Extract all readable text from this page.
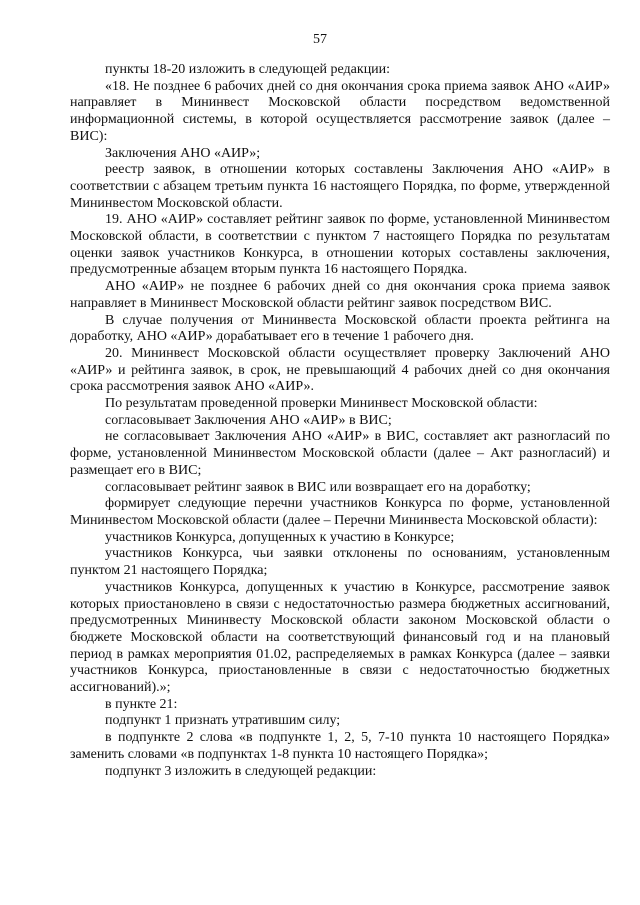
57

пункты 18-20 изложить в следующей редакции:

«18. Не позднее 6 рабочих дней со дня окончания срока приема заявок АНО «АИР» направляет в Мининвест Московской области посредством ведомственной информационной системы, в которой осуществляется рассмотрение заявок (далее – ВИС):

Заключения АНО «АИР»;

реестр заявок, в отношении которых составлены Заключения АНО «АИР» в соответствии с абзацем третьим пункта 16 настоящего Порядка, по форме, утвержденной Мининвестом Московской области.

19. АНО «АИР» составляет рейтинг заявок по форме, установленной Мининвестом Московской области, в соответствии с пунктом 7 настоящего Порядка по результатам оценки заявок участников Конкурса, в отношении которых составлены заключения, предусмотренные абзацем вторым пункта 16 настоящего Порядка.

АНО «АИР» не позднее 6 рабочих дней со дня окончания срока приема заявок направляет в Мининвест Московской области рейтинг заявок посредством ВИС.

В случае получения от Мининвеста Московской области проекта рейтинга на доработку, АНО «АИР» дорабатывает его в течение 1 рабочего дня.

20. Мининвест Московской области осуществляет проверку Заключений АНО «АИР» и рейтинга заявок, в срок, не превышающий 4 рабочих дней со дня окончания срока рассмотрения заявок АНО «АИР».

По результатам проведенной проверки Мининвест Московской области:

согласовывает Заключения АНО «АИР» в ВИС;

не согласовывает Заключения АНО «АИР» в ВИС, составляет акт разногласий по форме, установленной Мининвестом Московской области (далее – Акт разногласий) и размещает его в ВИС;

согласовывает рейтинг заявок в ВИС или возвращает его на доработку;

формирует следующие перечни участников Конкурса по форме, установленной Мининвестом Московской области (далее – Перечни Мининвеста Московской области):

участников Конкурса, допущенных к участию в Конкурсе;

участников Конкурса, чьи заявки отклонены по основаниям, установленным пунктом 21 настоящего Порядка;

участников Конкурса, допущенных к участию в Конкурсе, рассмотрение заявок которых приостановлено в связи с недостаточностью размера бюджетных ассигнований, предусмотренных Мининвесту Московской области законом Московской области о бюджете Московской области на соответствующий финансовый год и на плановый период в рамках мероприятия 01.02, распределяемых в рамках Конкурса (далее – заявки участников Конкурса, приостановленные в связи с недостаточностью бюджетных ассигнований).»;

в пункте 21:

подпункт 1 признать утратившим силу;

в подпункте 2 слова «в подпункте 1, 2, 5, 7-10 пункта 10 настоящего Порядка» заменить словами «в подпунктах 1-8 пункта 10 настоящего Порядка»;

подпункт 3 изложить в следующей редакции:
